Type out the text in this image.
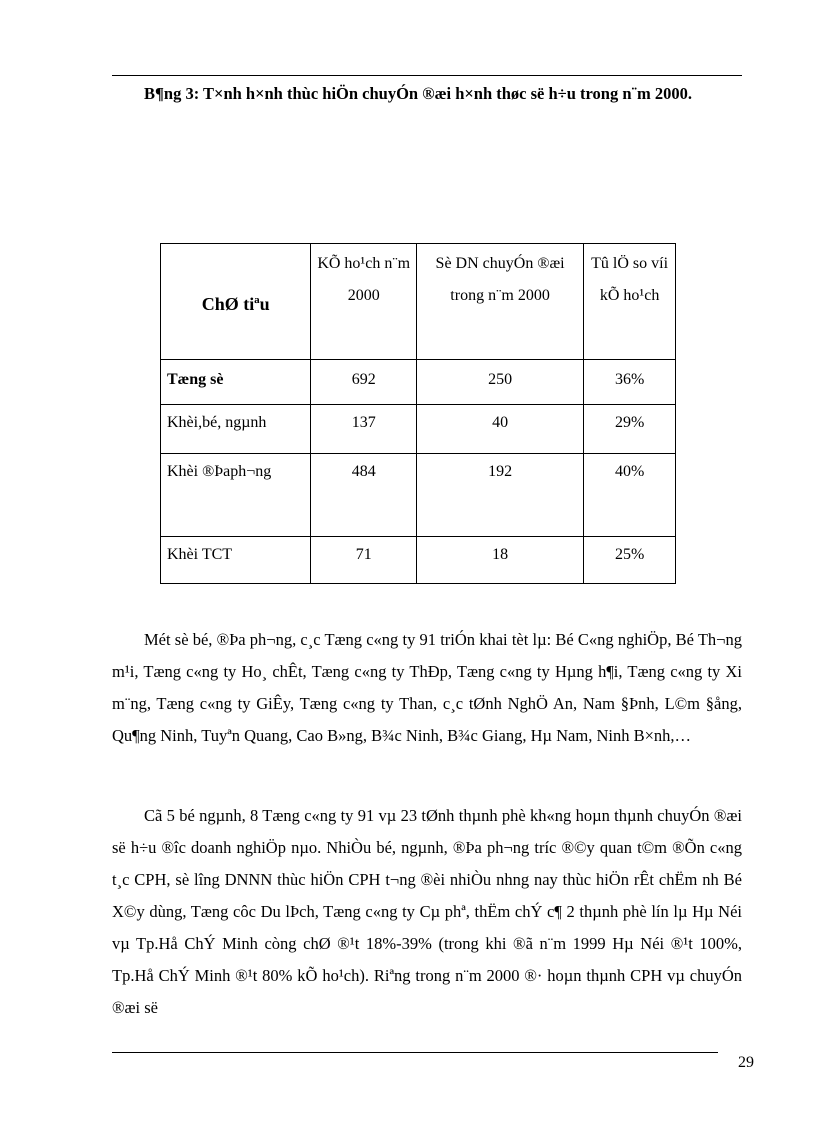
B¶ng 3: T×nh h×nh thùc hiÖn chuyÓn ®æi h×nh thøc së h÷u trong n¨m 2000.
ChØ tiªu	KÕ ho¹ch n¨m 2000	Sè DN chuyÓn ®æi trong n¨m 2000	Tû lÖ so víi kÕ ho¹ch
Tæng sè	692	250	36%
Khèi,bé, ngµnh	137	40	29%
Khèi ®Þaph¬ng	484	192	40%
Khèi TCT	71	18	25%

Mét sè bé, ®Þa ph¬ng, c¸c Tæng c«ng ty 91 triÓn khai tèt lµ: Bé C«ng nghiÖp, Bé Th¬ng m¹i, Tæng c«ng ty Ho¸ chÊt, Tæng c«ng ty ThÐp, Tæng c«ng ty Hµng h¶i, Tæng c«ng ty Xi m¨ng, Tæng c«ng ty GiÊy, Tæng c«ng ty Than, c¸c tØnh NghÖ An, Nam §Þnh, L©m §ång, Qu¶ng Ninh, Tuyªn Quang, Cao B»ng, B¾c Ninh, B¾c Giang, Hµ Nam, Ninh B×nh,…

Cã 5 bé ngµnh, 8 Tæng c«ng ty 91 vµ 23 tØnh thµnh phè kh«ng hoµn thµnh chuyÓn ®æi së h÷u ®îc doanh nghiÖp nµo. NhiÒu bé, ngµnh, ®Þa ph¬ng tríc ®©y quan t©m ®Õn c«ng t¸c CPH, sè lîng DNNN thùc hiÖn CPH t¬ng ®èi nhiÒu nhng nay thùc hiÖn rÊt chËm nh Bé X©y dùng, Tæng côc Du lÞch, Tæng c«ng ty Cµ phª, thËm chÝ c¶ 2 thµnh phè lín lµ Hµ Néi vµ Tp.Hå ChÝ Minh còng chØ ®¹t 18%-39% (trong khi ®ã n¨m 1999 Hµ Néi ®¹t 100%, Tp.Hå ChÝ Minh ®¹t 80% kÕ ho¹ch). Riªng trong n¨m 2000 ®· hoµn thµnh CPH vµ chuyÓn ®æi së

29
